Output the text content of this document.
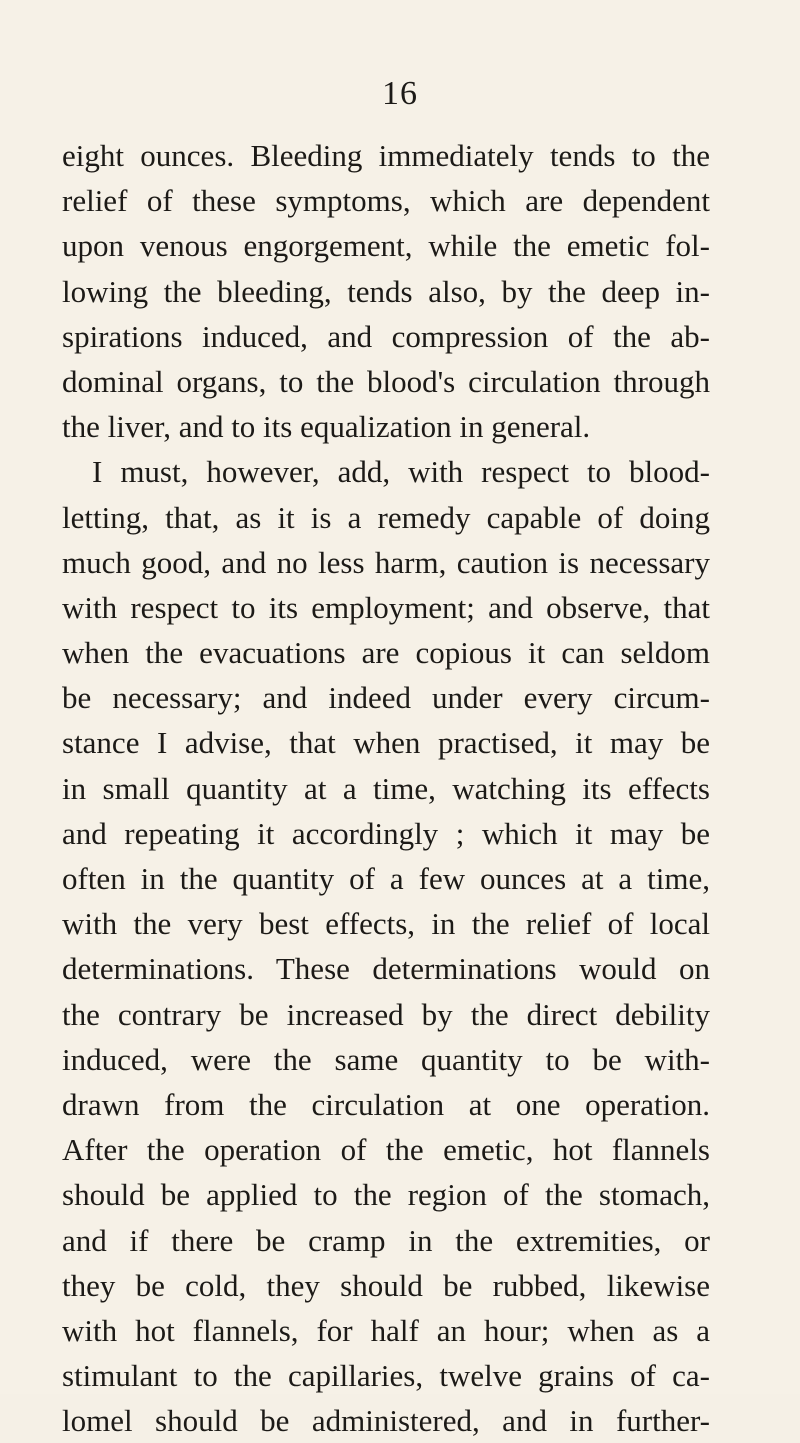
16
eight ounces. Bleeding immediately tends to the
relief of these symptoms, which are dependent
upon venous engorgement, while the emetic fol-
lowing the bleeding, tends also, by the deep in-
spirations induced, and compression of the ab-
dominal organs, to the blood's circulation through
the liver, and to its equalization in general.
I must, however, add, with respect to blood-
letting, that, as it is a remedy capable of doing
much good, and no less harm, caution is necessary
with respect to its employment; and observe, that
when the evacuations are copious it can seldom
be necessary; and indeed under every circum-
stance I advise, that when practised, it may be
in small quantity at a time, watching its effects
and repeating it accordingly ; which it may be
often in the quantity of a few ounces at a time,
with the very best effects, in the relief of local
determinations. These determinations would on
the contrary be increased by the direct debility
induced, were the same quantity to be with-
drawn from the circulation at one operation.
After the operation of the emetic, hot flannels
should be applied to the region of the stomach,
and if there be cramp in the extremities, or
they be cold, they should be rubbed, likewise
with hot flannels, for half an hour; when as a
stimulant to the capillaries, twelve grains of ca-
lomel should be administered, and in further-
